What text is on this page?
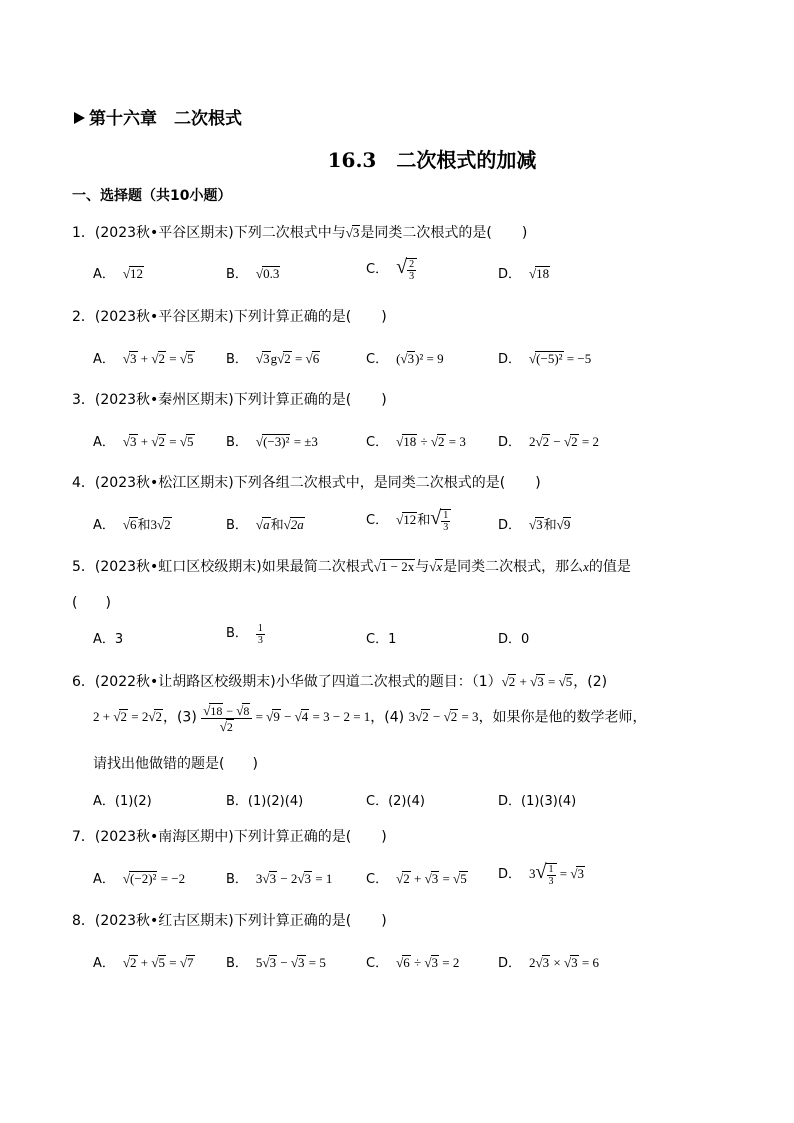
第十六章　二次根式
16.3　二次根式的加减
一、选择题（共10小题）
1．(2023秋•平谷区期末)下列二次根式中与√3是同类二次根式的是( )
A． √12	B． √0.3	C． √ $\frac{2}{3}$	D． √18
2．(2023秋•平谷区期末)下列计算正确的是( )
A． √3 + √2 = √5 B． √3g√2 = √6	C． (√3)² = 9	D． √(−5)² = −5
3．(2023秋•秦州区期末)下列计算正确的是( )
A． √3 + √2 = √5 B． √(−3)² = ±3	C． √18 ÷ √2 = 3 D． 2√2 − √2 = 2
4．(2023秋•松江区期末)下列各组二次根式中，是同类二次根式的是( )
A． √6和3√2	B． √a和√2a	C． √12和√ $\frac{1}{3}$	D． √3和√9
5．(2023秋•虹口区校级期末)如果最简二次根式√1 − 2x与√x是同类二次根式，那么x的值是
(　　)
A．3	B． $\frac{1}{3}$	C．1	D．0
6．(2022秋•让胡路区校级期末)小华做了四道二次根式的题目：（1）√2 + √3 = √5，(2)
2 + √2 = 2√2，$(3) \frac{√18 - √8}{√2} = √9 - √4 = 3 - 2 = 1$，(4) 3√2 − √2 = 3，如果你是他的数学老师，
请找出他做错的题是(　　)
A．(1)(2)	B．(1)(2)(4)	C．(2)(4)	D．(1)(3)(4)
7．(2023秋•南海区期中)下列计算正确的是( )
A． √(−2)² = −2	B． 3√3 − 2√3 = 1	C． √2 + √3 = √5 D． $3√ \frac{1}{3} = √3$
8．(2023秋•红古区期末)下列计算正确的是( )
A． √2 + √5 = √7 B． 5√3 − √3 = 5	C． √6 ÷ √3 = 2	D． 2√3 × √3 = 6
